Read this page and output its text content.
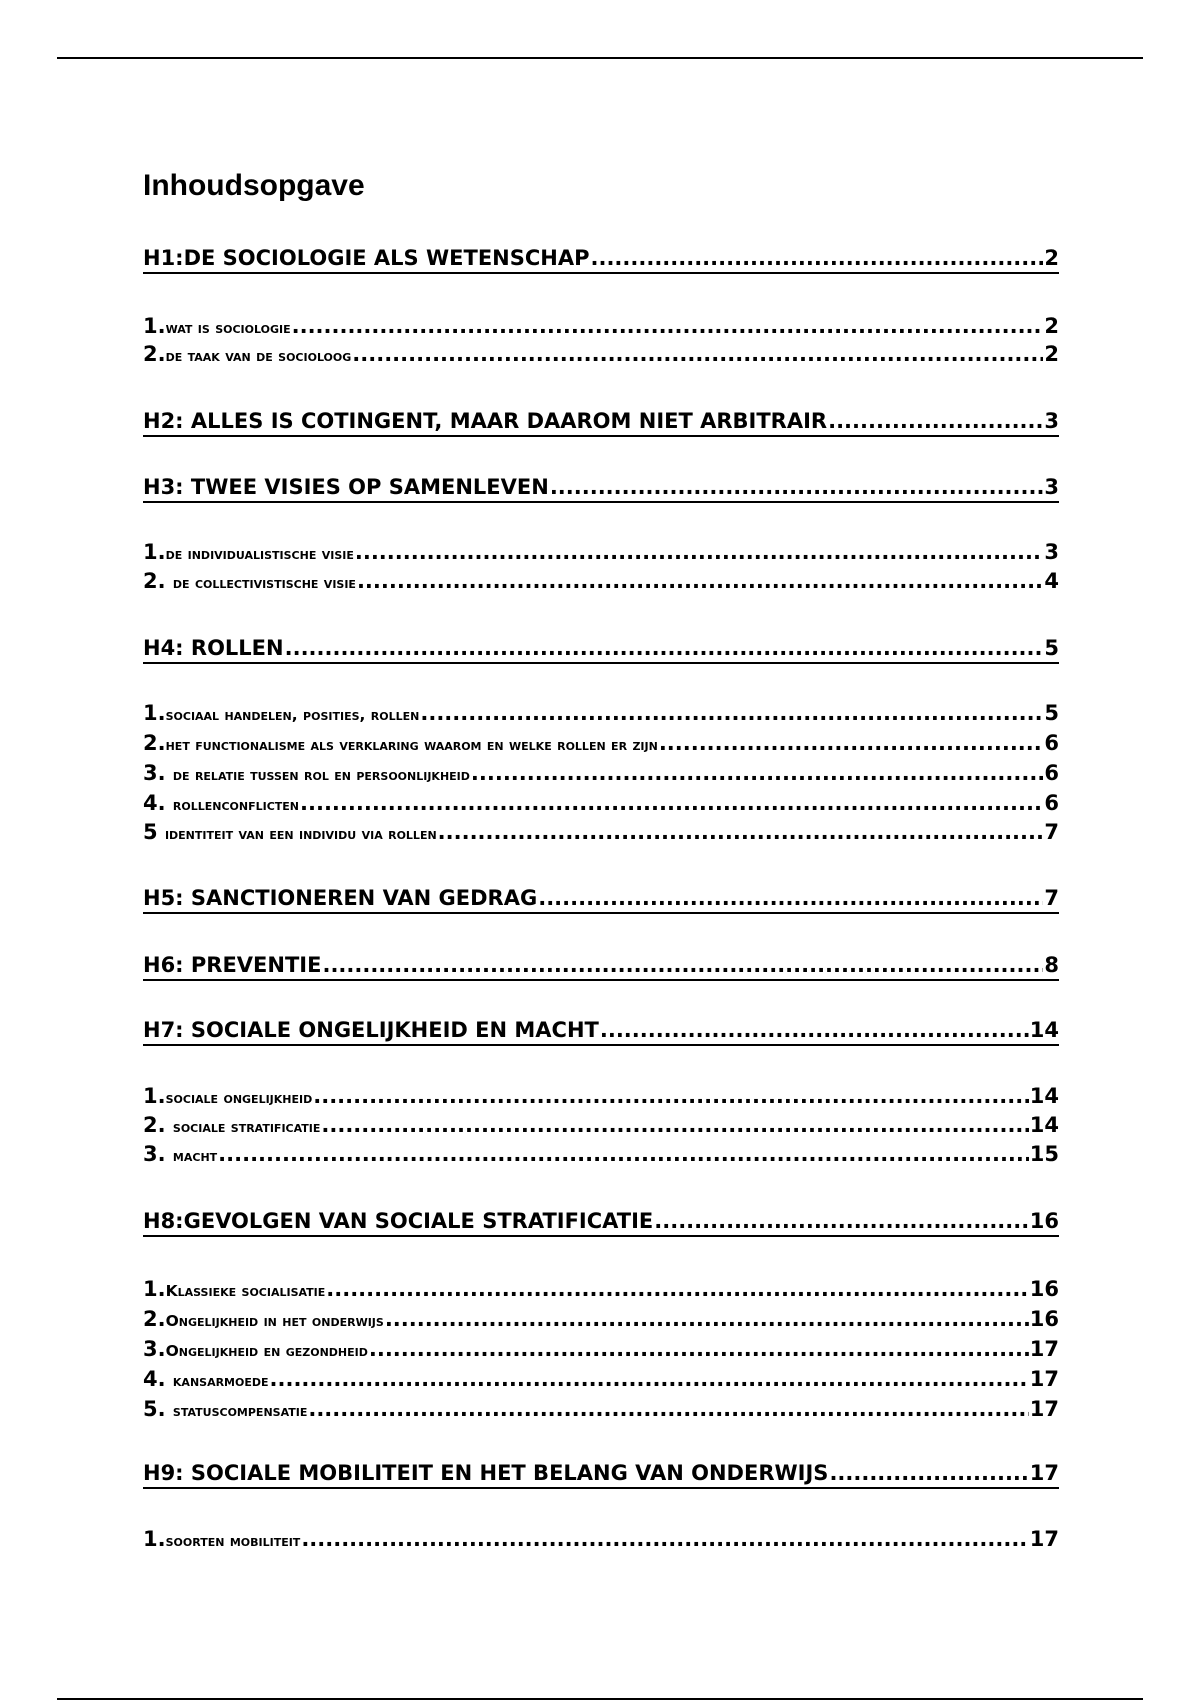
Inhoudsopgave
H1:DE SOCIOLOGIE ALS WETENSCHAP .....	2
1.wat is sociologie .....	2
2.de taak van de socioloog .....	2
H2: ALLES IS COTINGENT, MAAR DAAROM NIET ARBITRAIR .....	3
H3: TWEE VISIES OP SAMENLEVEN .....	3
1.de individualistische visie .....	3
2. de collectivistische visie .....	4
H4: ROLLEN .....	5
1.sociaal handelen, posities, rollen .....	5
2.het functionalisme als verklaring waarom en welke rollen er zijn .....	6
3. de relatie tussen rol en persoonlijkheid .....	6
4. rollenconflicten .....	6
5 identiteit van een individu via rollen .....	7
H5: SANCTIONEREN VAN GEDRAG .....	7
H6: PREVENTIE .....	8
H7: SOCIALE ONGELIJKHEID EN MACHT .....	14
1.sociale ongelijkheid .....	14
2. sociale stratificatie .....	14
3. macht .....	15
H8:GEVOLGEN VAN SOCIALE STRATIFICATIE .....	16
1.Klassieke socialisatie .....	16
2.Ongelijkheid in het onderwijs .....	16
3.Ongelijkheid en gezondheid .....	17
4. kansarmoede .....	17
5. statuscompensatie .....	17
H9: SOCIALE MOBILITEIT EN HET BELANG VAN ONDERWIJS .....	17
1.soorten mobiliteit .....	17
